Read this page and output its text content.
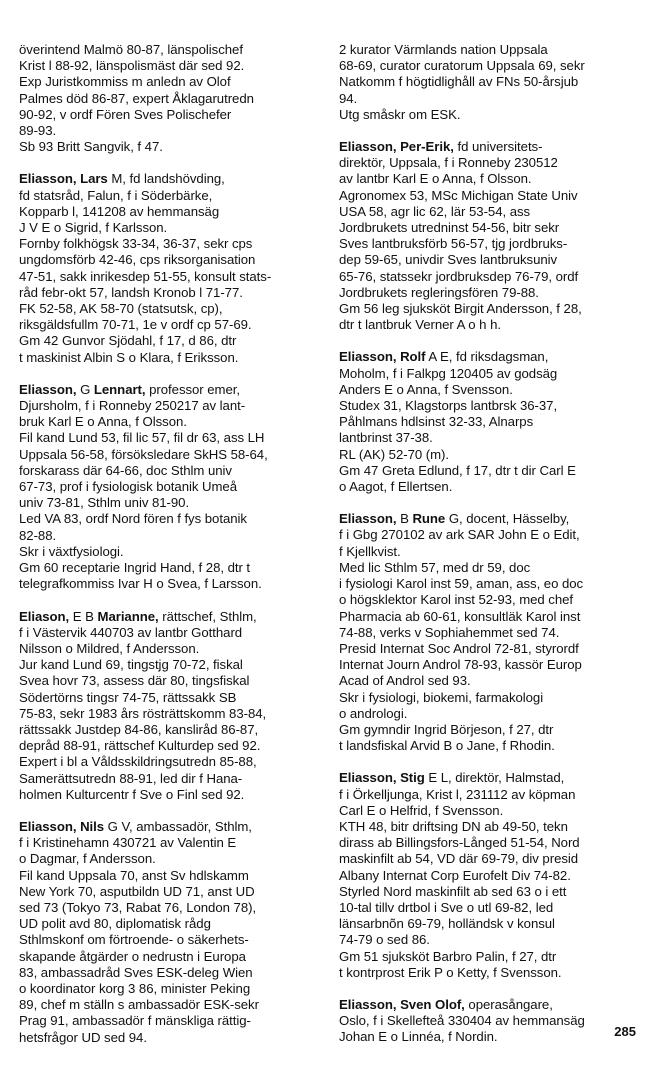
överintend Malmö 80-87, länspolischef

Krist l 88-92, länspolismäst där sed 92.

Exp Juristkommiss m anledn av Olof

Palmes död 86-87, expert Åklagarutredn

90-92, v ordf Fören Sves Polischefer

89-93.

Sb 93 Britt Sangvik, f 47.

Eliasson, Lars M, fd landshövding,

fd statsråd, Falun, f i Söderbärke,

Kopparb l, 141208 av hemmansäg

J V E o Sigrid, f Karlsson.

Fornby folkhögsk 33-34, 36-37, sekr cps

ungdomsförb 42-46, cps riksorganisation

47-51, sakk inrikesdep 51-55, konsult stats-

råd febr-okt 57, landsh Kronob l 71-77.

FK 52-58, AK 58-70 (statsutsk, cp),

riksgäldsfullm 70-71, 1e v ordf cp 57-69.

Gm 42 Gunvor Sjödahl, f 17, d 86, dtr

t maskinist Albin S o Klara, f Eriksson.

Eliasson, G Lennart, professor emer,

Djursholm, f i Ronneby 250217 av lant-

bruk Karl E o Anna, f Olsson.

Fil kand Lund 53, fil lic 57, fil dr 63, ass LH

Uppsala 56-58, försöksledare SkHS 58-64,

forskarass där 64-66, doc Sthlm univ

67-73, prof i fysiologisk botanik Umeå

univ 73-81, Sthlm univ 81-90.

Led VA 83, ordf Nord fören f fys botanik

82-88.

Skr i växtfysiologi.

Gm 60 receptarie Ingrid Hand, f 28, dtr t

telegrafkommiss Ivar H o Svea, f Larsson.

Eliason, E B Marianne, rättschef, Sthlm,

f i Västervik 440703 av lantbr Gotthard

Nilsson o Mildred, f Andersson.

Jur kand Lund 69, tingstjg 70-72, fiskal

Svea hovr 73, assess där 80, tingsfiskal

Södertörns tingsr 74-75, rättssakk SB

75-83, sekr 1983 års rösträttskomm 83-84,

rättssakk Justdep 84-86, kanslіråd 86-87,

depråd 88-91, rättschef Kulturdep sed 92.

Expert i bl a Våldsskildringsutredn 85-88,

Samerättsutredn 88-91, led dir f Hana-

holmen Kulturcentr f Sve o Finl sed 92.

Eliasson, Nils G V, ambassadör, Sthlm,

f i Kristinehamn 430721 av Valentin E

o Dagmar, f Andersson.

Fil kand Uppsala 70, anst Sv hdlskamm

New York 70, asputbildn UD 71, anst UD

sed 73 (Tokyo 73, Rabat 76, London 78),

UD polit avd 80, diplomatisk rådg

Sthlmskonf om förtroende- o säkerhets-

skapande åtgärder o nedrustn i Europa

83, ambassadråd Sves ESK-deleg Wien

o koordinator korg 3 86, minister Peking

89, chef m ställn s ambassadör ESK-sekr

Prag 91, ambassadör f mänskliga rättig-

hetsfrågor UD sed 94.

2 kurator Värmlands nation Uppsala

68-69, curator curatorum Uppsala 69, sekr

Natkomm f högtidlighåll av FNs 50-årsjub

94.

Utg småskr om ESK.

Eliasson, Per-Erik, fd universitets-

direktör, Uppsala, f i Ronneby 230512

av lantbr Karl E o Anna, f Olsson.

Agronomex 53, MSc Michigan State Univ

USA 58, agr lic 62, lär 53-54, ass

Jordbrukets utredninst 54-56, bitr sekr

Sves lantbruksförb 56-57, tjg jordbruks-

dep 59-65, univdir Sves lantbruksuniv

65-76, statssekr jordbruksdep 76-79, ordf

Jordbrukets regleringsfören 79-88.

Gm 56 leg sjuksköt Birgit Andersson, f 28,

dtr t lantbruk Verner A o h h.

Eliasson, Rolf A E, fd riksdagsman,

Moholm, f i Falkpg 120405 av godsäg

Anders E o Anna, f Svensson.

Studex 31, Klagstorps lantbrsk 36-37,

Påhlmans hdlsinst 32-33, Alnarps

lantbrinst 37-38.

RL (AK) 52-70 (m).

Gm 47 Greta Edlund, f 17, dtr t dir Carl E

o Aagot, f Ellertsen.

Eliasson, B Rune G, docent, Hässelby,

f i Gbg 270102 av ark SAR John E o Edit,

f Kjellkvist.

Med lic Sthlm 57, med dr 59, doc

i fysiologi Karol inst 59, aman, ass, eo doc

o högsklektor Karol inst 52-93, med chef

Pharmacia ab 60-61, konsultläk Karol inst

74-88, verks v Sophiahemmet sed 74.

Presid Internat Soc Androl 72-81, styrordf

Internat Journ Androl 78-93, kassör Europ

Acad of Androl sed 93.

Skr i fysiologi, biokemi, farmakologi

o andrologi.

Gm gymndir Ingrid Börjeson, f 27, dtr

t landsfiskal Arvid B o Jane, f Rhodin.

Eliasson, Stig E L, direktör, Halmstad,

f i Örkelljunga, Krist l, 231112 av köpman

Carl E o Helfrid, f Svensson.

KTH 48, bitr driftsing DN ab 49-50, tekn

dirass ab Billingsfors-Långed 51-54, Nord

maskinfilt ab 54, VD där 69-79, div presid

Albany Internat Corp Eurofelt Div 74-82.

Styrled Nord maskinfilt ab sed 63 o i ett

10-tal tillv drtbol i Sve o utl 69-82, led

länsarbnõn 69-79, holländsk v konsul

74-79 o sed 86.

Gm 51 sjuksköt Barbro Palin, f 27, dtr

t kontrprost Erik P o Ketty, f Svensson.

Eliasson, Sven Olof, operasångare,

Oslo, f i Skellefteå 330404 av hemmansäg

Johan E o Linnéa, f Nordin.	285
